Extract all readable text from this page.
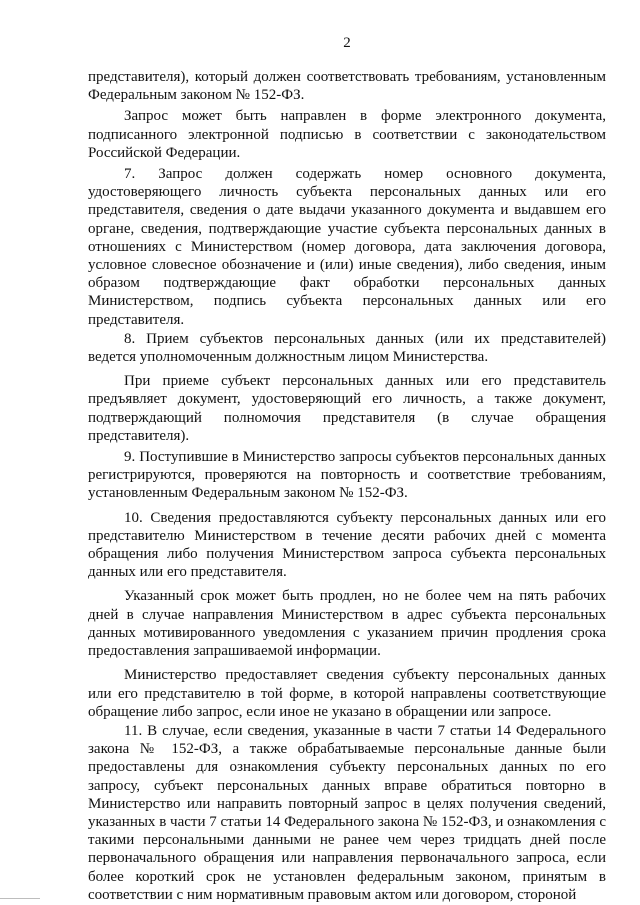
2

представителя), который должен соответствовать требованиям, установленным Федеральным законом № 152-ФЗ.

Запрос может быть направлен в форме электронного документа, подписанного электронной подписью в соответствии с законодательством Российской Федерации.

7. Запрос должен содержать номер основного документа, удостоверяющего личность субъекта персональных данных или его представителя, сведения о дате выдачи указанного документа и выдавшем его органе, сведения, подтверждающие участие субъекта персональных данных в отношениях с Министерством (номер договора, дата заключения договора, условное словесное обозначение и (или) иные сведения), либо сведения, иным образом подтверждающие факт обработки персональных данных Министерством, подпись субъекта персональных данных или его представителя.

8. Прием субъектов персональных данных (или их представителей) ведется уполномоченным должностным лицом Министерства.

При приеме субъект персональных данных или его представитель предъявляет документ, удостоверяющий его личность, а также документ, подтверждающий полномочия представителя (в случае обращения представителя).

9. Поступившие в Министерство запросы субъектов персональных данных регистрируются, проверяются на повторность и соответствие требованиям, установленным Федеральным законом № 152-ФЗ.

10. Сведения предоставляются субъекту персональных данных или его представителю Министерством в течение десяти рабочих дней с момента обращения либо получения Министерством запроса субъекта персональных данных или его представителя.

Указанный срок может быть продлен, но не более чем на пять рабочих дней в случае направления Министерством в адрес субъекта персональных данных мотивированного уведомления с указанием причин продления срока предоставления запрашиваемой информации.

Министерство предоставляет сведения субъекту персональных данных или его представителю в той форме, в которой направлены соответствующие обращение либо запрос, если иное не указано в обращении или запросе.

11. В случае, если сведения, указанные в части 7 статьи 14 Федерального закона № 152-ФЗ, а также обрабатываемые персональные данные были предоставлены для ознакомления субъекту персональных данных по его запросу, субъект персональных данных вправе обратиться повторно в Министерство или направить повторный запрос в целях получения сведений, указанных в части 7 статьи 14 Федерального закона № 152-ФЗ, и ознакомления с такими персональными данными не ранее чем через тридцать дней после первоначального обращения или направления первоначального запроса, если более короткий срок не установлен федеральным законом, принятым в соответствии с ним нормативным правовым актом или договором, стороной
